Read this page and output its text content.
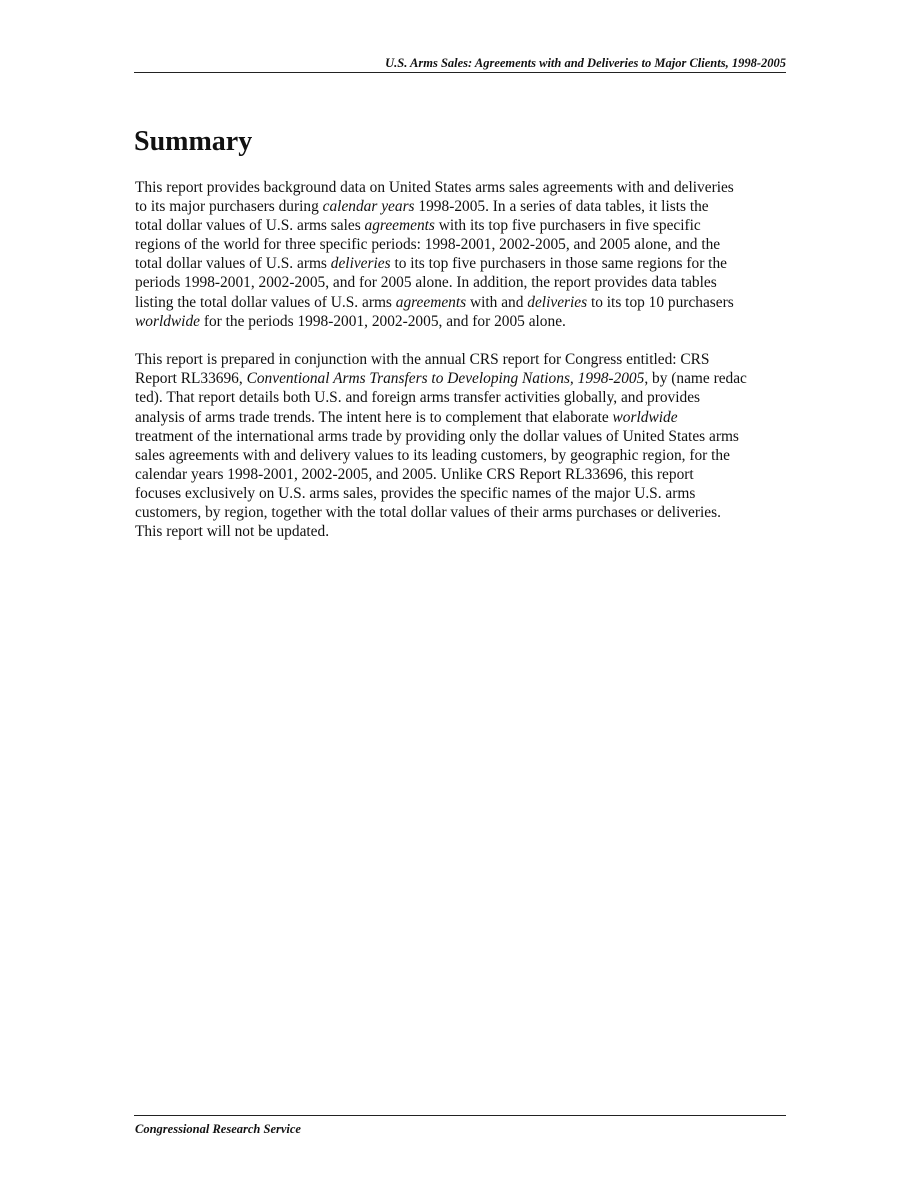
U.S. Arms Sales: Agreements with and Deliveries to Major Clients, 1998-2005
Summary

This report provides background data on United States arms sales agreements with and deliveries
to its major purchasers during calendar years 1998-2005. In a series of data tables, it lists the
total dollar values of U.S. arms sales agreements with its top five purchasers in five specific
regions of the world for three specific periods: 1998-2001, 2002-2005, and 2005 alone, and the
total dollar values of U.S. arms deliveries to its top five purchasers in those same regions for the
periods 1998-2001, 2002-2005, and for 2005 alone. In addition, the report provides data tables
listing the total dollar values of U.S. arms agreements with and deliveries to its top 10 purchasers
worldwide for the periods 1998-2001, 2002-2005, and for 2005 alone.

This report is prepared in conjunction with the annual CRS report for Congress entitled: CRS
Report RL33696, Conventional Arms Transfers to Developing Nations, 1998-2005, by (name redac
ted). That report details both U.S. and foreign arms transfer activities globally, and provides
analysis of arms trade trends. The intent here is to complement that elaborate worldwide
treatment of the international arms trade by providing only the dollar values of United States arms
sales agreements with and delivery values to its leading customers, by geographic region, for the
calendar years 1998-2001, 2002-2005, and 2005. Unlike CRS Report RL33696, this report
focuses exclusively on U.S. arms sales, provides the specific names of the major U.S. arms
customers, by region, together with the total dollar values of their arms purchases or deliveries.
This report will not be updated.

Congressional Research Service
